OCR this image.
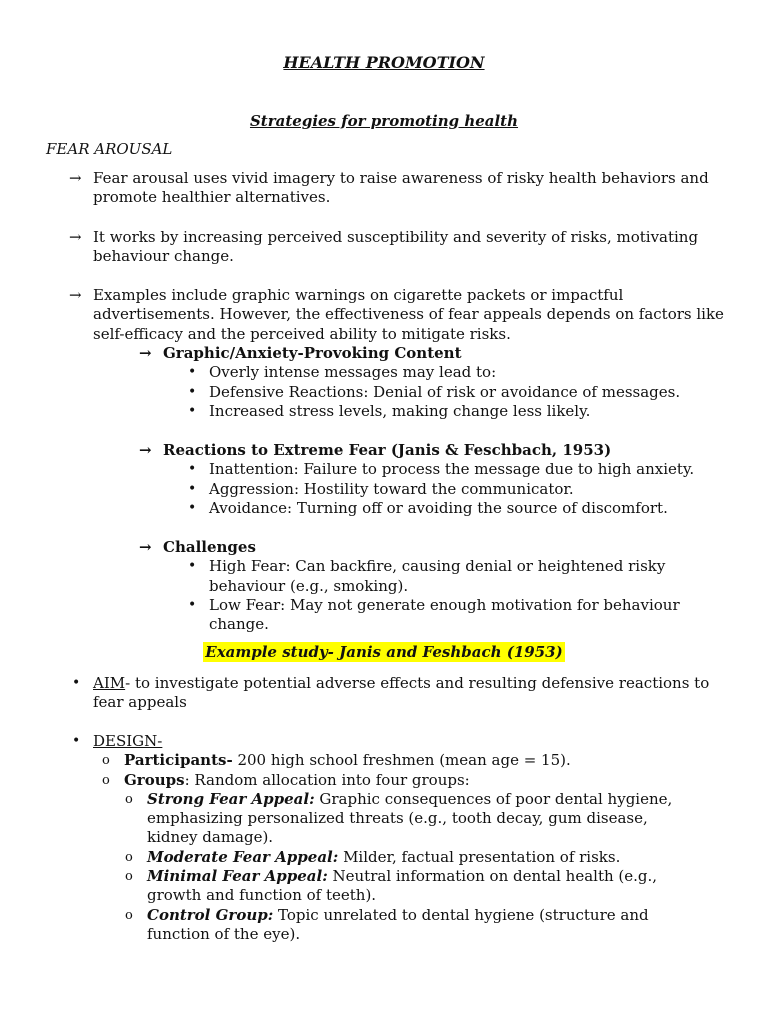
HEALTH PROMOTION
Strategies for promoting health
FEAR AROUSAL
→ Fear arousal uses vivid imagery to raise awareness of risky health behaviors and promote healthier alternatives.
→ It works by increasing perceived susceptibility and severity of risks, motivating behaviour change.
→ Examples include graphic warnings on cigarette packets or impactful advertisements. However, the effectiveness of fear appeals depends on factors like self-efficacy and the perceived ability to mitigate risks.
→ Graphic/Anxiety-Provoking Content
• Overly intense messages may lead to:
• Defensive Reactions: Denial of risk or avoidance of messages.
• Increased stress levels, making change less likely.
→ Reactions to Extreme Fear (Janis & Feschbach, 1953)
• Inattention: Failure to process the message due to high anxiety.
• Aggression: Hostility toward the communicator.
• Avoidance: Turning off or avoiding the source of discomfort.
→ Challenges
• High Fear: Can backfire, causing denial or heightened risky behaviour (e.g., smoking).
• Low Fear: May not generate enough motivation for behaviour change.
Example study- Janis and Feshbach (1953)
• AIM- to investigate potential adverse effects and resulting defensive reactions to fear appeals
• DESIGN-
o Participants- 200 high school freshmen (mean age = 15).
o Groups: Random allocation into four groups:
o Strong Fear Appeal: Graphic consequences of poor dental hygiene, emphasizing personalized threats (e.g., tooth decay, gum disease, kidney damage).
o Moderate Fear Appeal: Milder, factual presentation of risks.
o Minimal Fear Appeal: Neutral information on dental health (e.g., growth and function of teeth).
o Control Group: Topic unrelated to dental hygiene (structure and function of the eye).
